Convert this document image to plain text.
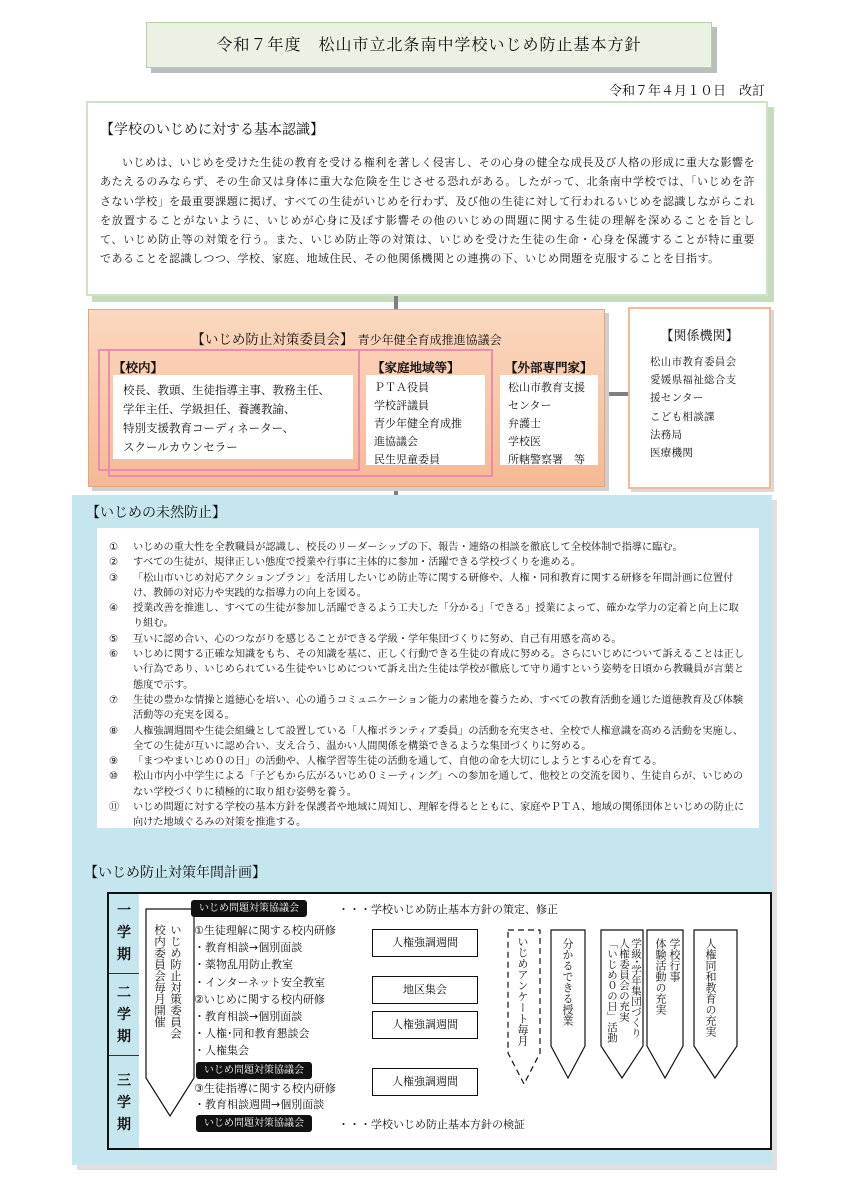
令和７年度　松山市立北条南中学校いじめ防止基本方針
令和７年４月１０日　改訂
【学校のいじめに対する基本認識】

いじめは、いじめを受けた生徒の教育を受ける権利を著しく侵害し、その心身の健全な成長及び人格の形成に重大な影響をあたえるのみならず、その生命又は身体に重大な危険を生じさせる恐れがある。したがって、北条南中学校では、「いじめを許さない学校」を最重要課題に掲げ、すべての生徒がいじめを行わず、及び他の生徒に対して行われるいじめを認識しながらこれを放置することがないように、いじめが心身に及ぼす影響その他のいじめの問題に関する生徒の理解を深めることを旨として、いじめ防止等の対策を行う。また、いじめ防止等の対策は、いじめを受けた生徒の生命・心身を保護することが特に重要であることを認識しつつ、学校、家庭、地域住民、その他関係機関との連携の下、いじめ問題を克服することを目指す。

【いじめ防止対策委員会】 青少年健全育成推進協議会
【校内】
校長、教頭、生徒指導主事、教務主任、
学年主任、学級担任、養護教諭、
特別支援教育コーディネーター、
スクールカウンセラー
【家庭地域等】
ＰＴＡ役員
学校評議員
青少年健全育成推
進協議会
民生児童委員
【外部専門家】
松山市教育支援
センター
弁護士
学校医
所轄警察署　等
【関係機関】
松山市教育委員会
愛媛県福祉総合支
援センター
こども相談課
法務局
医療機関
【いじめの未然防止】
① いじめの重大性を全教職員が認識し、校長のリーダーシップの下、報告・連絡の相談を徹底して全校体制で指導に臨む。
② すべての生徒が、規律正しい態度で授業や行事に主体的に参加・活躍できる学校づくりを進める。
③ 「松山市いじめ対応アクションプラン」を活用したいじめ防止等に関する研修や、人権・同和教育に関する研修を年間計画に位置付け、教師の対応力や実践的な指導力の向上を図る。
④ 授業改善を推進し、すべての生徒が参加し活躍できるよう工夫した「分かる」「できる」授業によって、確かな学力の定着と向上に取り組む。
⑤ 互いに認め合い、心のつながりを感じることができる学級・学年集団づくりに努め、自己有用感を高める。
⑥ いじめに関する正確な知識をもち、その知識を基に、正しく行動できる生徒の育成に努める。さらにいじめについて訴えることは正しい行為であり、いじめられている生徒やいじめについて訴え出た生徒は学校が徹底して守り通すという姿勢を日頃から教職員が言葉と態度で示す。
⑦ 生徒の豊かな情操と道徳心を培い、心の通うコミュニケーション能力の素地を養うため、すべての教育活動を通じた道徳教育及び体験活動等の充実を図る。
⑧ 人権強調週間や生徒会組織として設置している「人権ボランティア委員」の活動を充実させ、全校で人権意識を高める活動を実施し、全ての生徒が互いに認め合い、支え合う、温かい人間関係を構築できるような集団づくりに努める。
⑨ 「まつやまいじめ０の日」の活動や、人権学習等生徒の活動を通して、自他の命を大切にしようとする心を育てる。
⑩ 松山市内小中学生による「子どもから広がるいじめ０ミーティング」への参加を通して、他校との交流を図り、生徒自らが、いじめのない学校づくりに積極的に取り組む姿勢を養う。
⑪ いじめ問題に対する学校の基本方針を保護者や地域に周知し、理解を得るとともに、家庭やＰＴＡ、地域の関係団体といじめの防止に向けた地域ぐるみの対策を推進する。
【いじめ防止対策年間計画】
一学期
二学期
三学期
いじめ防止対策委員会
校内委員会毎月開催
いじめ問題対策協議会	・・・学校いじめ防止基本方針の策定、修正
いじめ問題対策協議会
いじめ問題対策協議会	・・・学校いじめ防止基本方針の検証
①生徒理解に関する校内研修
・教育相談→個別面談
・薬物乱用防止教室
・インターネット安全教室
②いじめに関する校内研修
・教育相談→個別面談
・人権･同和教育懇談会
・人権集会
③生徒指導に関する校内研修
・教育相談週間→個別面談
人権強調週間
地区集会
人権強調週間
人権強調週間
いじめアンケート毎月	分かるできる授業	学級･学年集団づくり
人権委員会の充実
「いじめ０の日」活動	学校行事
体験活動の充実	人権同和教育の充実
